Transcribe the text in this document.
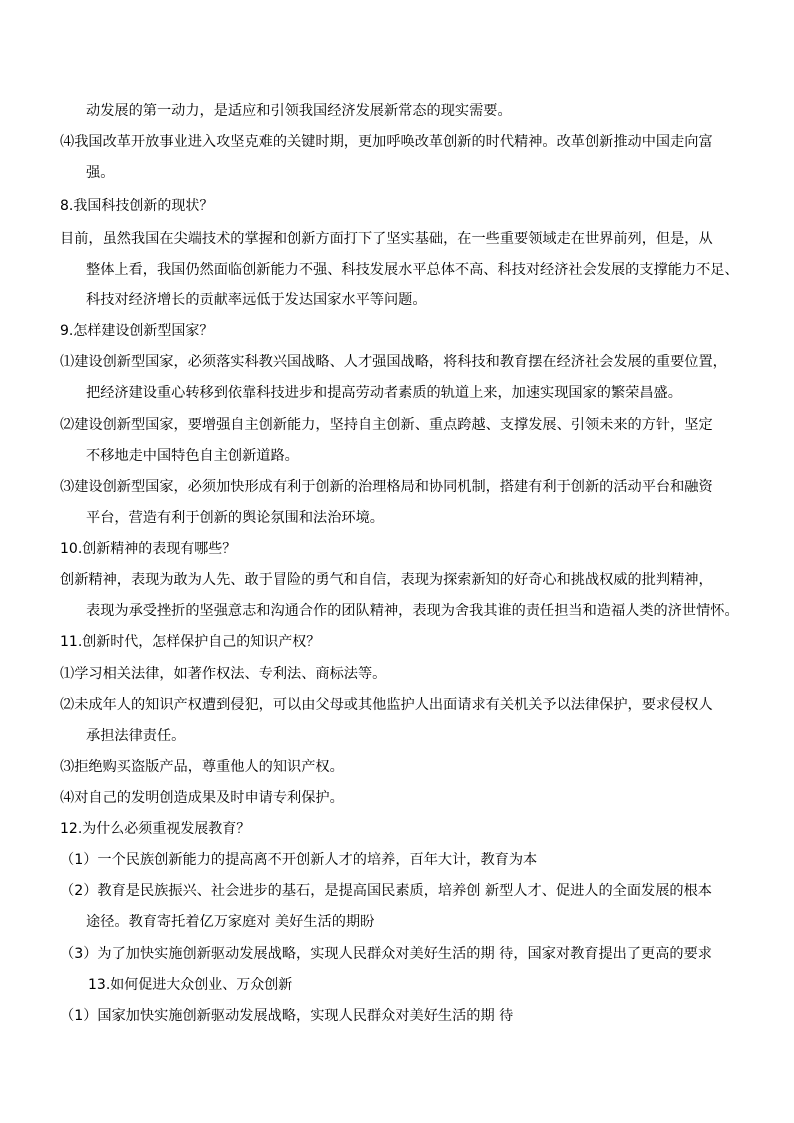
动发展的第一动力，是适应和引领我国经济发展新常态的现实需要。
⑷我国改革开放事业进入攻坚克难的关键时期，更加呼唤改革创新的时代精神。改革创新推动中国走向富
强。
8.我国科技创新的现状？
目前，虽然我国在尖端技术的掌握和创新方面打下了坚实基础，在一些重要领域走在世界前列，但是，从
整体上看，我国仍然面临创新能力不强、科技发展水平总体不高、科技对经济社会发展的支撑能力不足、
科技对经济增长的贡献率远低于发达国家水平等问题。
9.怎样建设创新型国家？
⑴建设创新型国家，必须落实科教兴国战略、人才强国战略，将科技和教育摆在经济社会发展的重要位置，
把经济建设重心转移到依靠科技进步和提高劳动者素质的轨道上来，加速实现国家的繁荣昌盛。
⑵建设创新型国家，要增强自主创新能力，坚持自主创新、重点跨越、支撑发展、引领未来的方针，坚定
不移地走中国特色自主创新道路。
⑶建设创新型国家，必须加快形成有利于创新的治理格局和协同机制，搭建有利于创新的活动平台和融资
平台，营造有利于创新的舆论氛围和法治环境。
10.创新精神的表现有哪些？
创新精神，表现为敢为人先、敢于冒险的勇气和自信，表现为探索新知的好奇心和挑战权威的批判精神，
表现为承受挫折的坚强意志和沟通合作的团队精神，表现为舍我其谁的责任担当和造福人类的济世情怀。
11.创新时代，怎样保护自己的知识产权？
⑴学习相关法律，如著作权法、专利法、商标法等。
⑵未成年人的知识产权遭到侵犯，可以由父母或其他监护人出面请求有关机关予以法律保护，要求侵权人
承担法律责任。
⑶拒绝购买盗版产品，尊重他人的知识产权。
⑷对自己的发明创造成果及时申请专利保护。
12.为什么必须重视发展教育？
（1）一个民族创新能力的提高离不开创新人才的培养，百年大计，教育为本
（2）教育是民族振兴、社会进步的基石，是提高国民素质，培养创 新型人才、促进人的全面发展的根本
途径。教育寄托着亿万家庭对 美好生活的期盼
（3）为了加快实施创新驱动发展战略，实现人民群众对美好生活的期 待，国家对教育提出了更高的要求
13.如何促进大众创业、万众创新
（1）国家加快实施创新驱动发展战略，实现人民群众对美好生活的期 待
